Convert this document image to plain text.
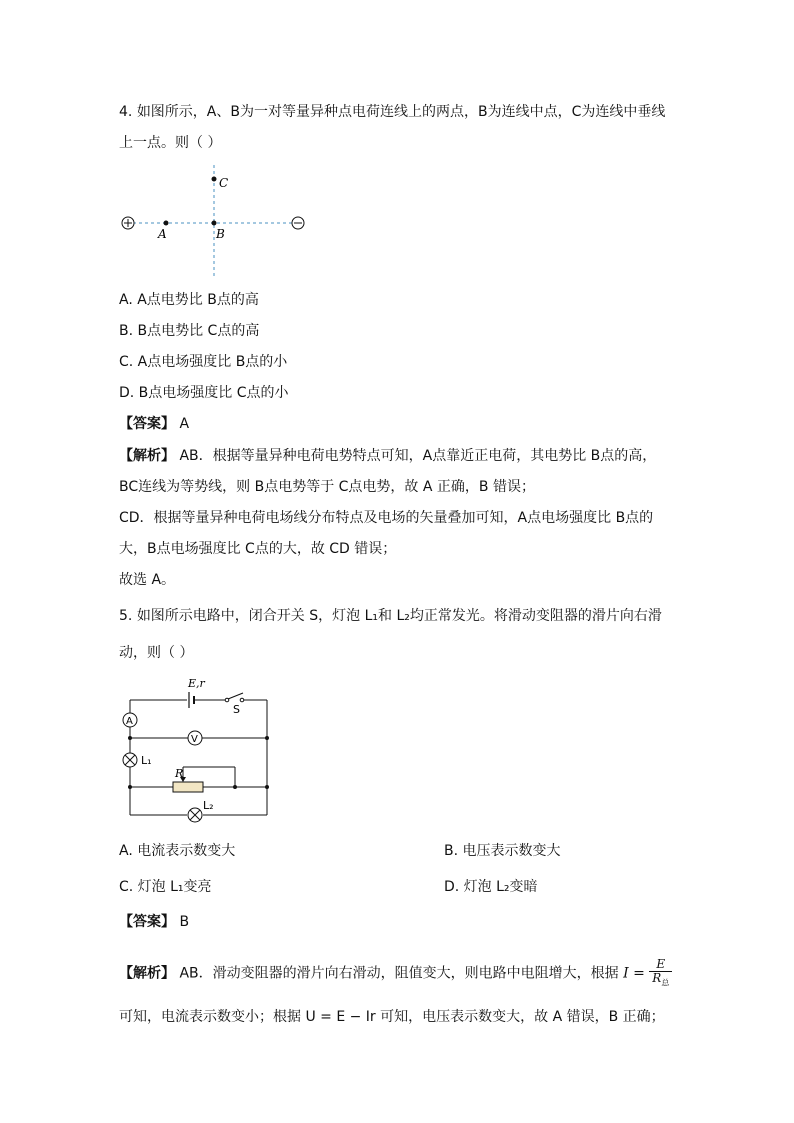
4. 如图所示，A、B为一对等量异种点电荷连线上的两点，B为连线中点，C为连线中垂线
上一点。则（ ）
C
A	B
A. A点电势比 B点的高
B. B点电势比 C点的高
C. A点电场强度比 B点的小
D. B点电场强度比 C点的小
【答案】 A
【解析】 AB．根据等量异种电荷电势特点可知，A点靠近正电荷，其电势比 B点的高，
BC连线为等势线，则 B点电势等于 C点电势，故 A 正确，B 错误；
CD．根据等量异种电荷电场线分布特点及电场的矢量叠加可知，A点电场强度比 B点的
大，B点电场强度比 C点的大，故 CD 错误；
故选 A。
5. 如图所示电路中，闭合开关 S，灯泡 L₁和 L₂均正常发光。将滑动变阻器的滑片向右滑
动，则（ ）
E,r
S
A
V
L₁
R
L₂
A. 电流表示数变大	B. 电压表示数变大
C. 灯泡 L₁变亮	D. 灯泡 L₂变暗
【答案】 B
【解析】 AB．滑动变阻器的滑片向右滑动，阻值变大，则电路中电阻增大，根据 $I = \frac{E}{R_总}$
可知，电流表示数变小；根据 U = E − Ir 可知，电压表示数变大，故 A 错误，B 正确；
